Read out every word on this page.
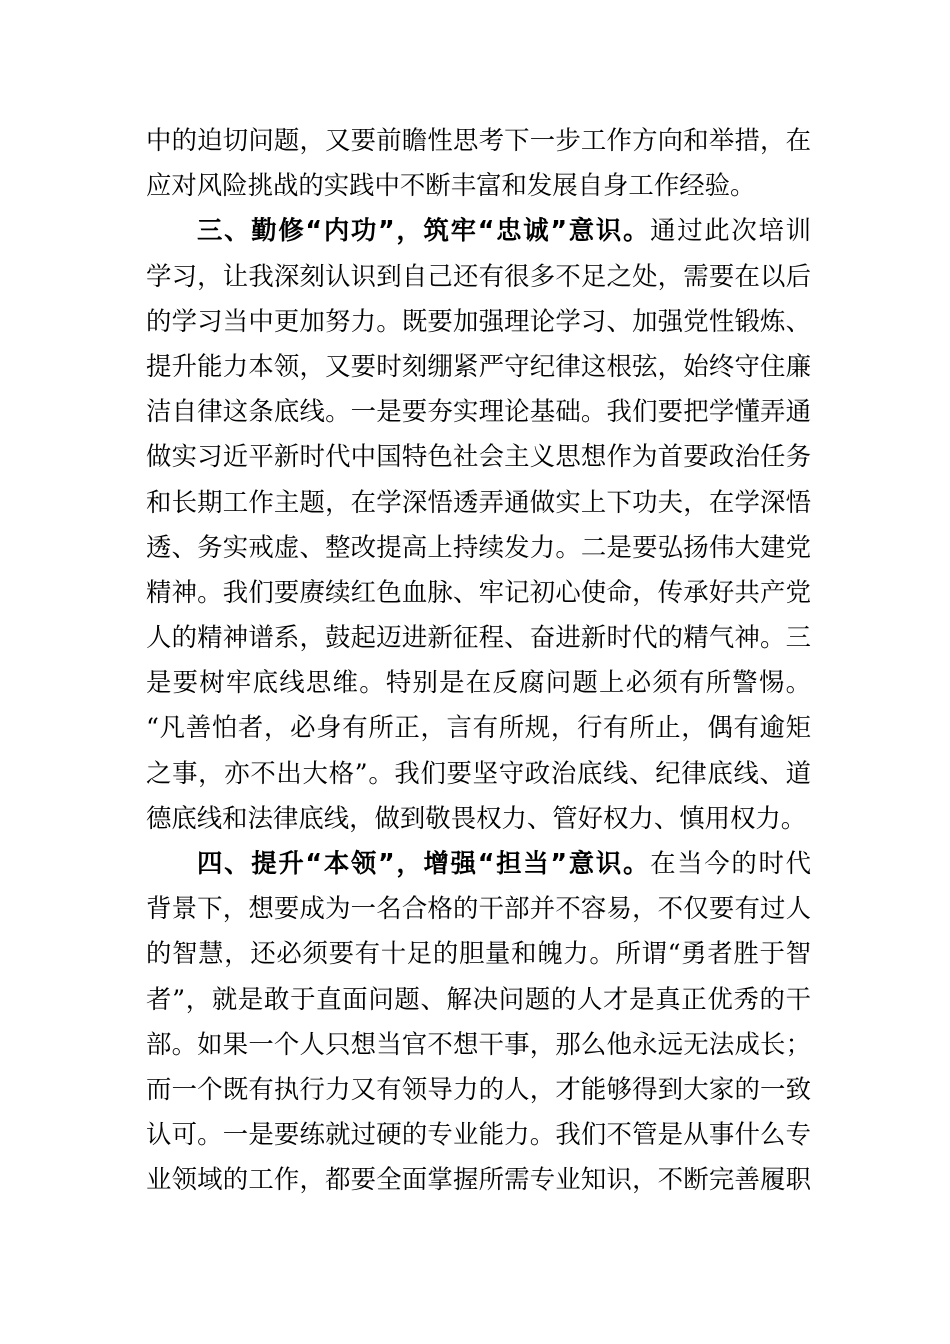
中的迫切问题，又要前瞻性思考下一步工作方向和举措，在
应对风险挑战的实践中不断丰富和发展自身工作经验。
三、勤修“内功”，筑牢“忠诚”意识。通过此次培训
学习，让我深刻认识到自己还有很多不足之处，需要在以后
的学习当中更加努力。既要加强理论学习、加强党性锻炼、
提升能力本领，又要时刻绷紧严守纪律这根弦，始终守住廉
洁自律这条底线。一是要夯实理论基础。我们要把学懂弄通
做实习近平新时代中国特色社会主义思想作为首要政治任务
和长期工作主题，在学深悟透弄通做实上下功夫，在学深悟
透、务实戒虚、整改提高上持续发力。二是要弘扬伟大建党
精神。我们要赓续红色血脉、牢记初心使命，传承好共产党
人的精神谱系，鼓起迈进新征程、奋进新时代的精气神。三
是要树牢底线思维。特别是在反腐问题上必须有所警惕。
“凡善怕者，必身有所正，言有所规，行有所止，偶有逾矩
之事，亦不出大格”。我们要坚守政治底线、纪律底线、道
德底线和法律底线，做到敬畏权力、管好权力、慎用权力。
四、提升“本领”，增强“担当”意识。在当今的时代
背景下，想要成为一名合格的干部并不容易，不仅要有过人
的智慧，还必须要有十足的胆量和魄力。所谓“勇者胜于智
者”，就是敢于直面问题、解决问题的人才是真正优秀的干
部。如果一个人只想当官不想干事，那么他永远无法成长；
而一个既有执行力又有领导力的人，才能够得到大家的一致
认可。一是要练就过硬的专业能力。我们不管是从事什么专
业领域的工作，都要全面掌握所需专业知识，不断完善履职
